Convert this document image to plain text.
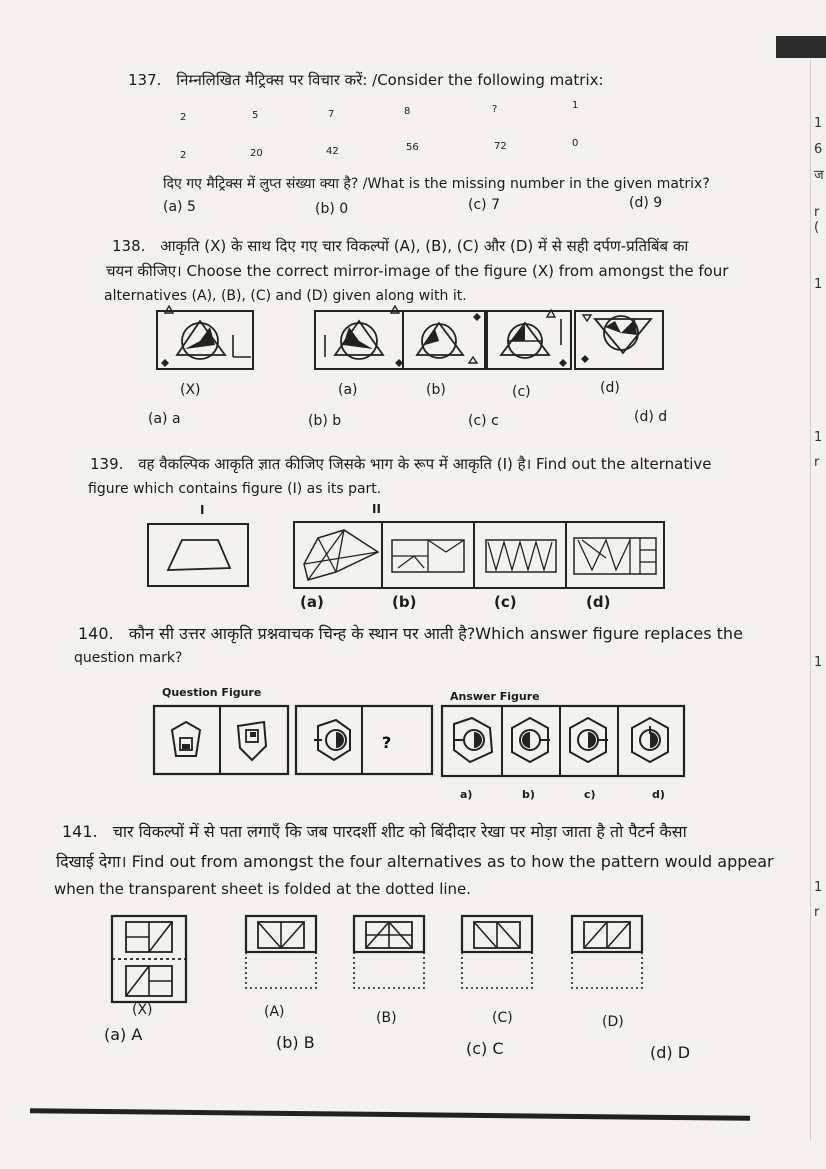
1
6
ज
r
(
1
1
r
1
1
r
137. निम्नलिखित मैट्रिक्स पर विचार करें: /Consider the following matrix:
2	5	7	8	?	1
2	20	42	56	72	0
दिए गए मैट्रिक्स में लुप्त संख्या क्या है? /What is the missing number in the given matrix?
(a) 5	(b) 0	(c) 7	(d) 9
138. आकृति (X) के साथ दिए गए चार विकल्पों (A), (B), (C) और (D) में से सही दर्पण-प्रतिबिंब का
चयन कीजिए। Choose the correct mirror-image of the figure (X) from amongst the four
alternatives (A), (B), (C) and (D) given along with it.
(X)	(a)	(b)	(c)	(d)
(a) a	(b) b	(c) c	(d) d
139. वह वैकल्पिक आकृति ज्ञात कीजिए जिसके भाग के रूप में आकृति (I) है। Find out the alternative
figure which contains figure (I) as its part.
I	II
(a)	(b)	(c)	(d)
140. कौन सी उत्तर आकृति प्रश्नवाचक चिन्ह के स्थान पर आती है?Which answer figure replaces the
question mark?
Question Figure	Answer Figure
?
a)	b)	c)	d)
141. चार विकल्पों में से पता लगाएँ कि जब पारदर्शी शीट को बिंदीदार रेखा पर मोड़ा जाता है तो पैटर्न कैसा
दिखाई देगा। Find out from amongst the four alternatives as to how the pattern would appear
when the transparent sheet is folded at the dotted line.
(X)	(A)	(B)	(C)	(D)
(a) A	(b) B	(c) C	(d) D
